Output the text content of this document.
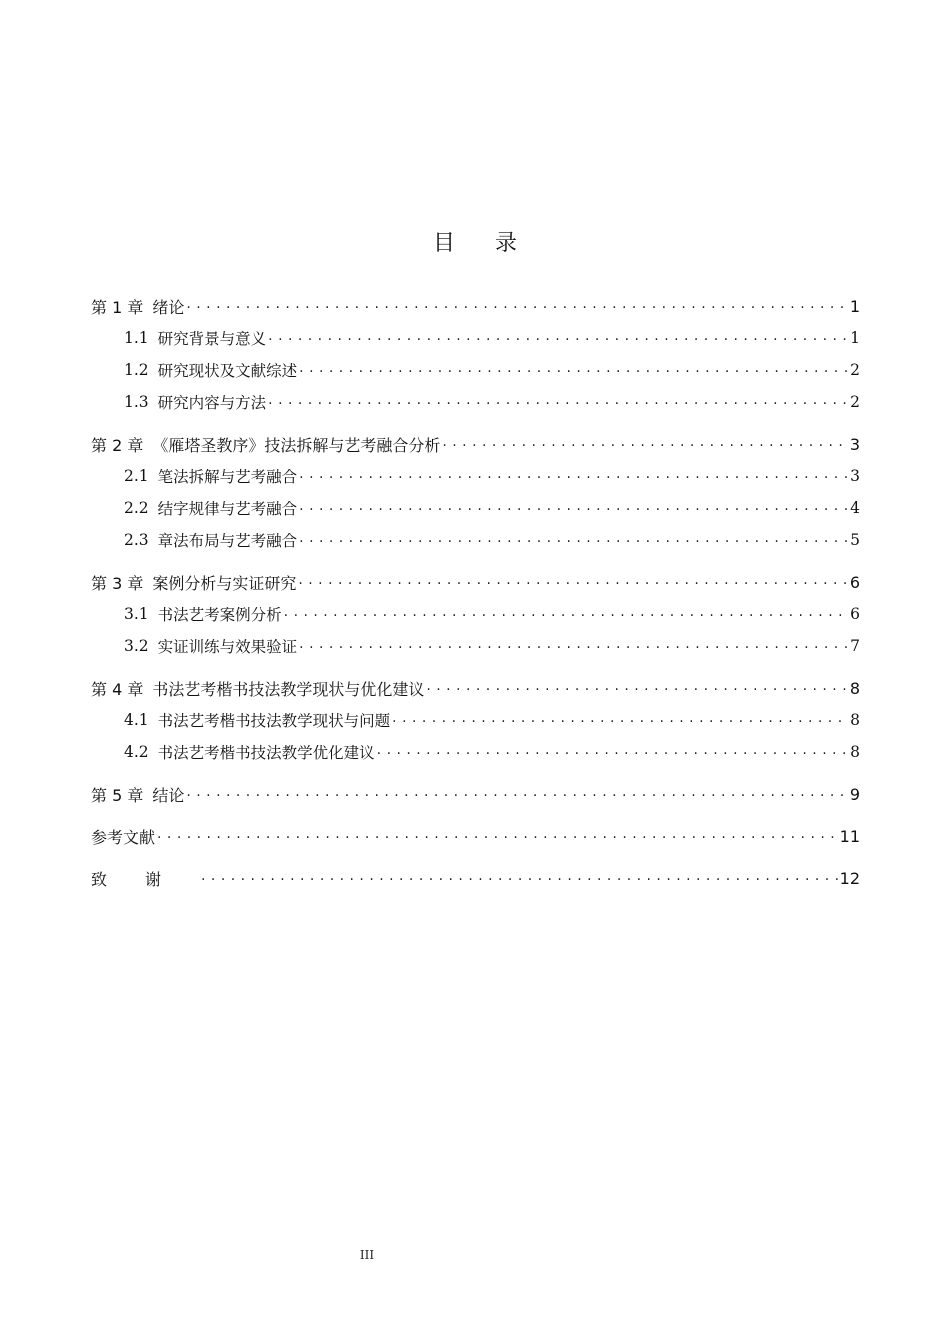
目录
第 1 章 绪论 . . .	1
1.1 研究背景与意义 . . .	1
1.2 研究现状及文献综述 . . .	2
1.3 研究内容与方法 . . .	2
第 2 章 《雁塔圣教序》技法拆解与艺考融合分析 . . .	3
2.1 笔法拆解与艺考融合 . . .	3
2.2 结字规律与艺考融合 . . .	4
2.3 章法布局与艺考融合 . . .	5
第 3 章 案例分析与实证研究 . . .	6
3.1 书法艺考案例分析 . . .	6
3.2 实证训练与效果验证 . . .	7
第 4 章 书法艺考楷书技法教学现状与优化建议 . . .	8
4.1 书法艺考楷书技法教学现状与问题 . . .	8
4.2 书法艺考楷书技法教学优化建议 . . .	8
第 5 章 结论 . . .	9
参考文献 . . .	11
致谢 . . .	12
III
